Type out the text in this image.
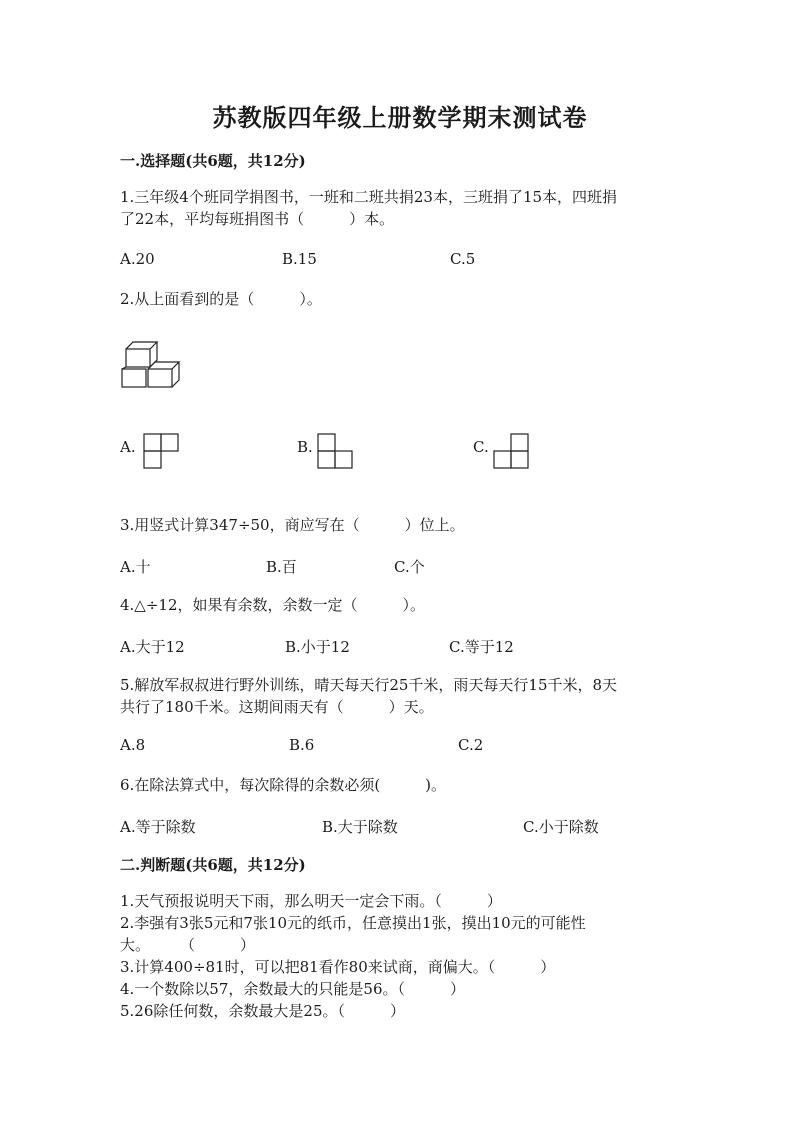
苏教版四年级上册数学期末测试卷
一.选择题(共6题，共12分)
1.三年级4个班同学捐图书，一班和二班共捐23本，三班捐了15本，四班捐
了22本，平均每班捐图书（　　　）本。
A.20	B.15	C.5
2.从上面看到的是（　　　）。
A.	B.	C.
3.用竖式计算347÷50，商应写在（　　　）位上。
A.十	B.百	C.个
4.△÷12，如果有余数，余数一定（　　　）。
A.大于12	B.小于12	C.等于12
5.解放军叔叔进行野外训练，晴天每天行25千米，雨天每天行15千米，8天
共行了180千米。这期间雨天有（　　　）天。
A.8	B.6	C.2
6.在除法算式中，每次除得的余数必须(　　　)。
A.等于除数	B.大于除数	C.小于除数
二.判断题(共6题，共12分)
1.天气预报说明天下雨，那么明天一定会下雨。（　　　）
2.李强有3张5元和7张10元的纸币，任意摸出1张，摸出10元的可能性
大。　　　（　　　）
3.计算400÷81时，可以把81看作80来试商，商偏大。（　　　）
4.一个数除以57，余数最大的只能是56。（　　　）
5.26除任何数，余数最大是25。（　　　）
